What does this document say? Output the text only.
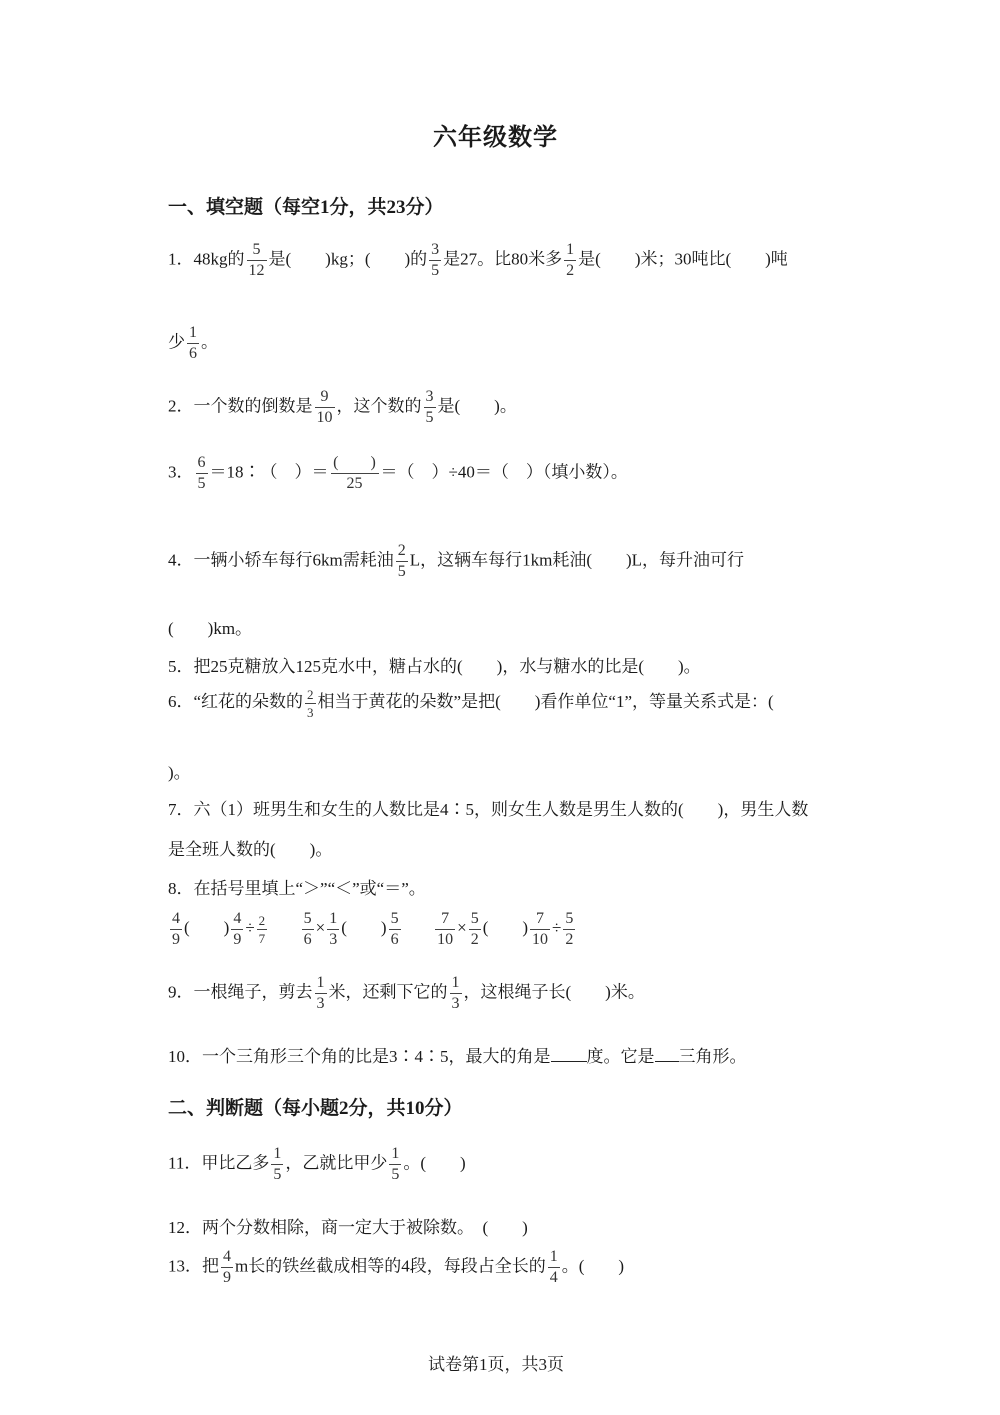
六年级数学
一、填空题（每空1分，共23分）
1．48kg的 $\frac{5}{12}$ 是(　　)kg；(　　)的 $\frac{3}{5}$ 是27。比80米多 $\frac{1}{2}$ 是(　　)米；30吨比(　　)吨
少 $\frac{1}{6}$ 。
2．一个数的倒数是 $\frac{9}{10}$ ，这个数的 $\frac{3}{5}$ 是(　　)。
3． $\frac{6}{5}$ ＝18∶（　）＝ $\frac{( )}{25}$ ＝（　）÷40＝（　）（填小数）。
4．一辆小轿车每行6km需耗油 $\frac{2}{5}$ L，这辆车每行1km耗油(　　)L，每升油可行
(　　)km。
5．把25克糖放入125克水中，糖占水的(　　)，水与糖水的比是(　　)。
6．“红花的朵数的 $\frac{2}{3}$ 相当于黄花的朵数”是把(　　)看作单位“1”，等量关系式是：(
)。
7．六（1）班男生和女生的人数比是4∶5，则女生人数是男生人数的(　　)，男生人数
是全班人数的(　　)。
8．在括号里填上“＞”“＜”或“＝”。
$\frac{4}{9}$ (　　) $\frac{4}{9} \div \frac{2}{7}$
$\frac{5}{6} \times \frac{1}{3}$ (　　) $\frac{5}{6}$
$\frac{7}{10} \times \frac{5}{2}$ (　　) $\frac{7}{10} \div \frac{5}{2}$
9．一根绳子，剪去 $\frac{1}{3}$ 米，还剩下它的 $\frac{1}{3}$ ，这根绳子长(　　)米。
10．一个三角形三个角的比是3∶4∶5，最大的角是 度。它是 三角形。
二、判断题（每小题2分，共10分）
11．甲比乙多 $\frac{1}{5}$ ，乙就比甲少 $\frac{1}{5}$ 。(　　)
12．两个分数相除，商一定大于被除数。　(　　)
13．把 $\frac{4}{9}$ m长的铁丝截成相等的4段，每段占全长的 $\frac{1}{4}$ 。(　　)
试卷第1页，共3页
